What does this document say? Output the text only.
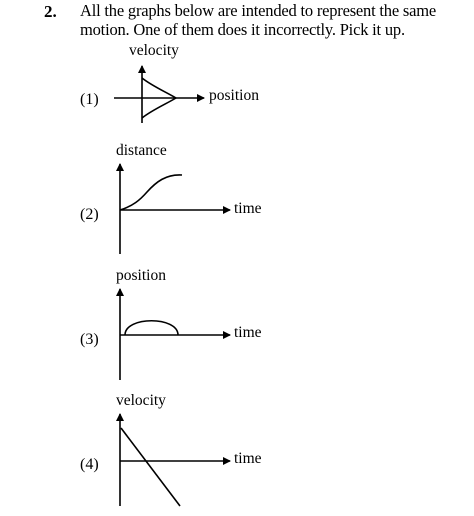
2. All the graphs below are intended to represent the same
motion. One of them does it incorrectly. Pick it up.
velocity
position
(1)
distance
time
(2)
position
time
(3)
velocity
time
(4)
